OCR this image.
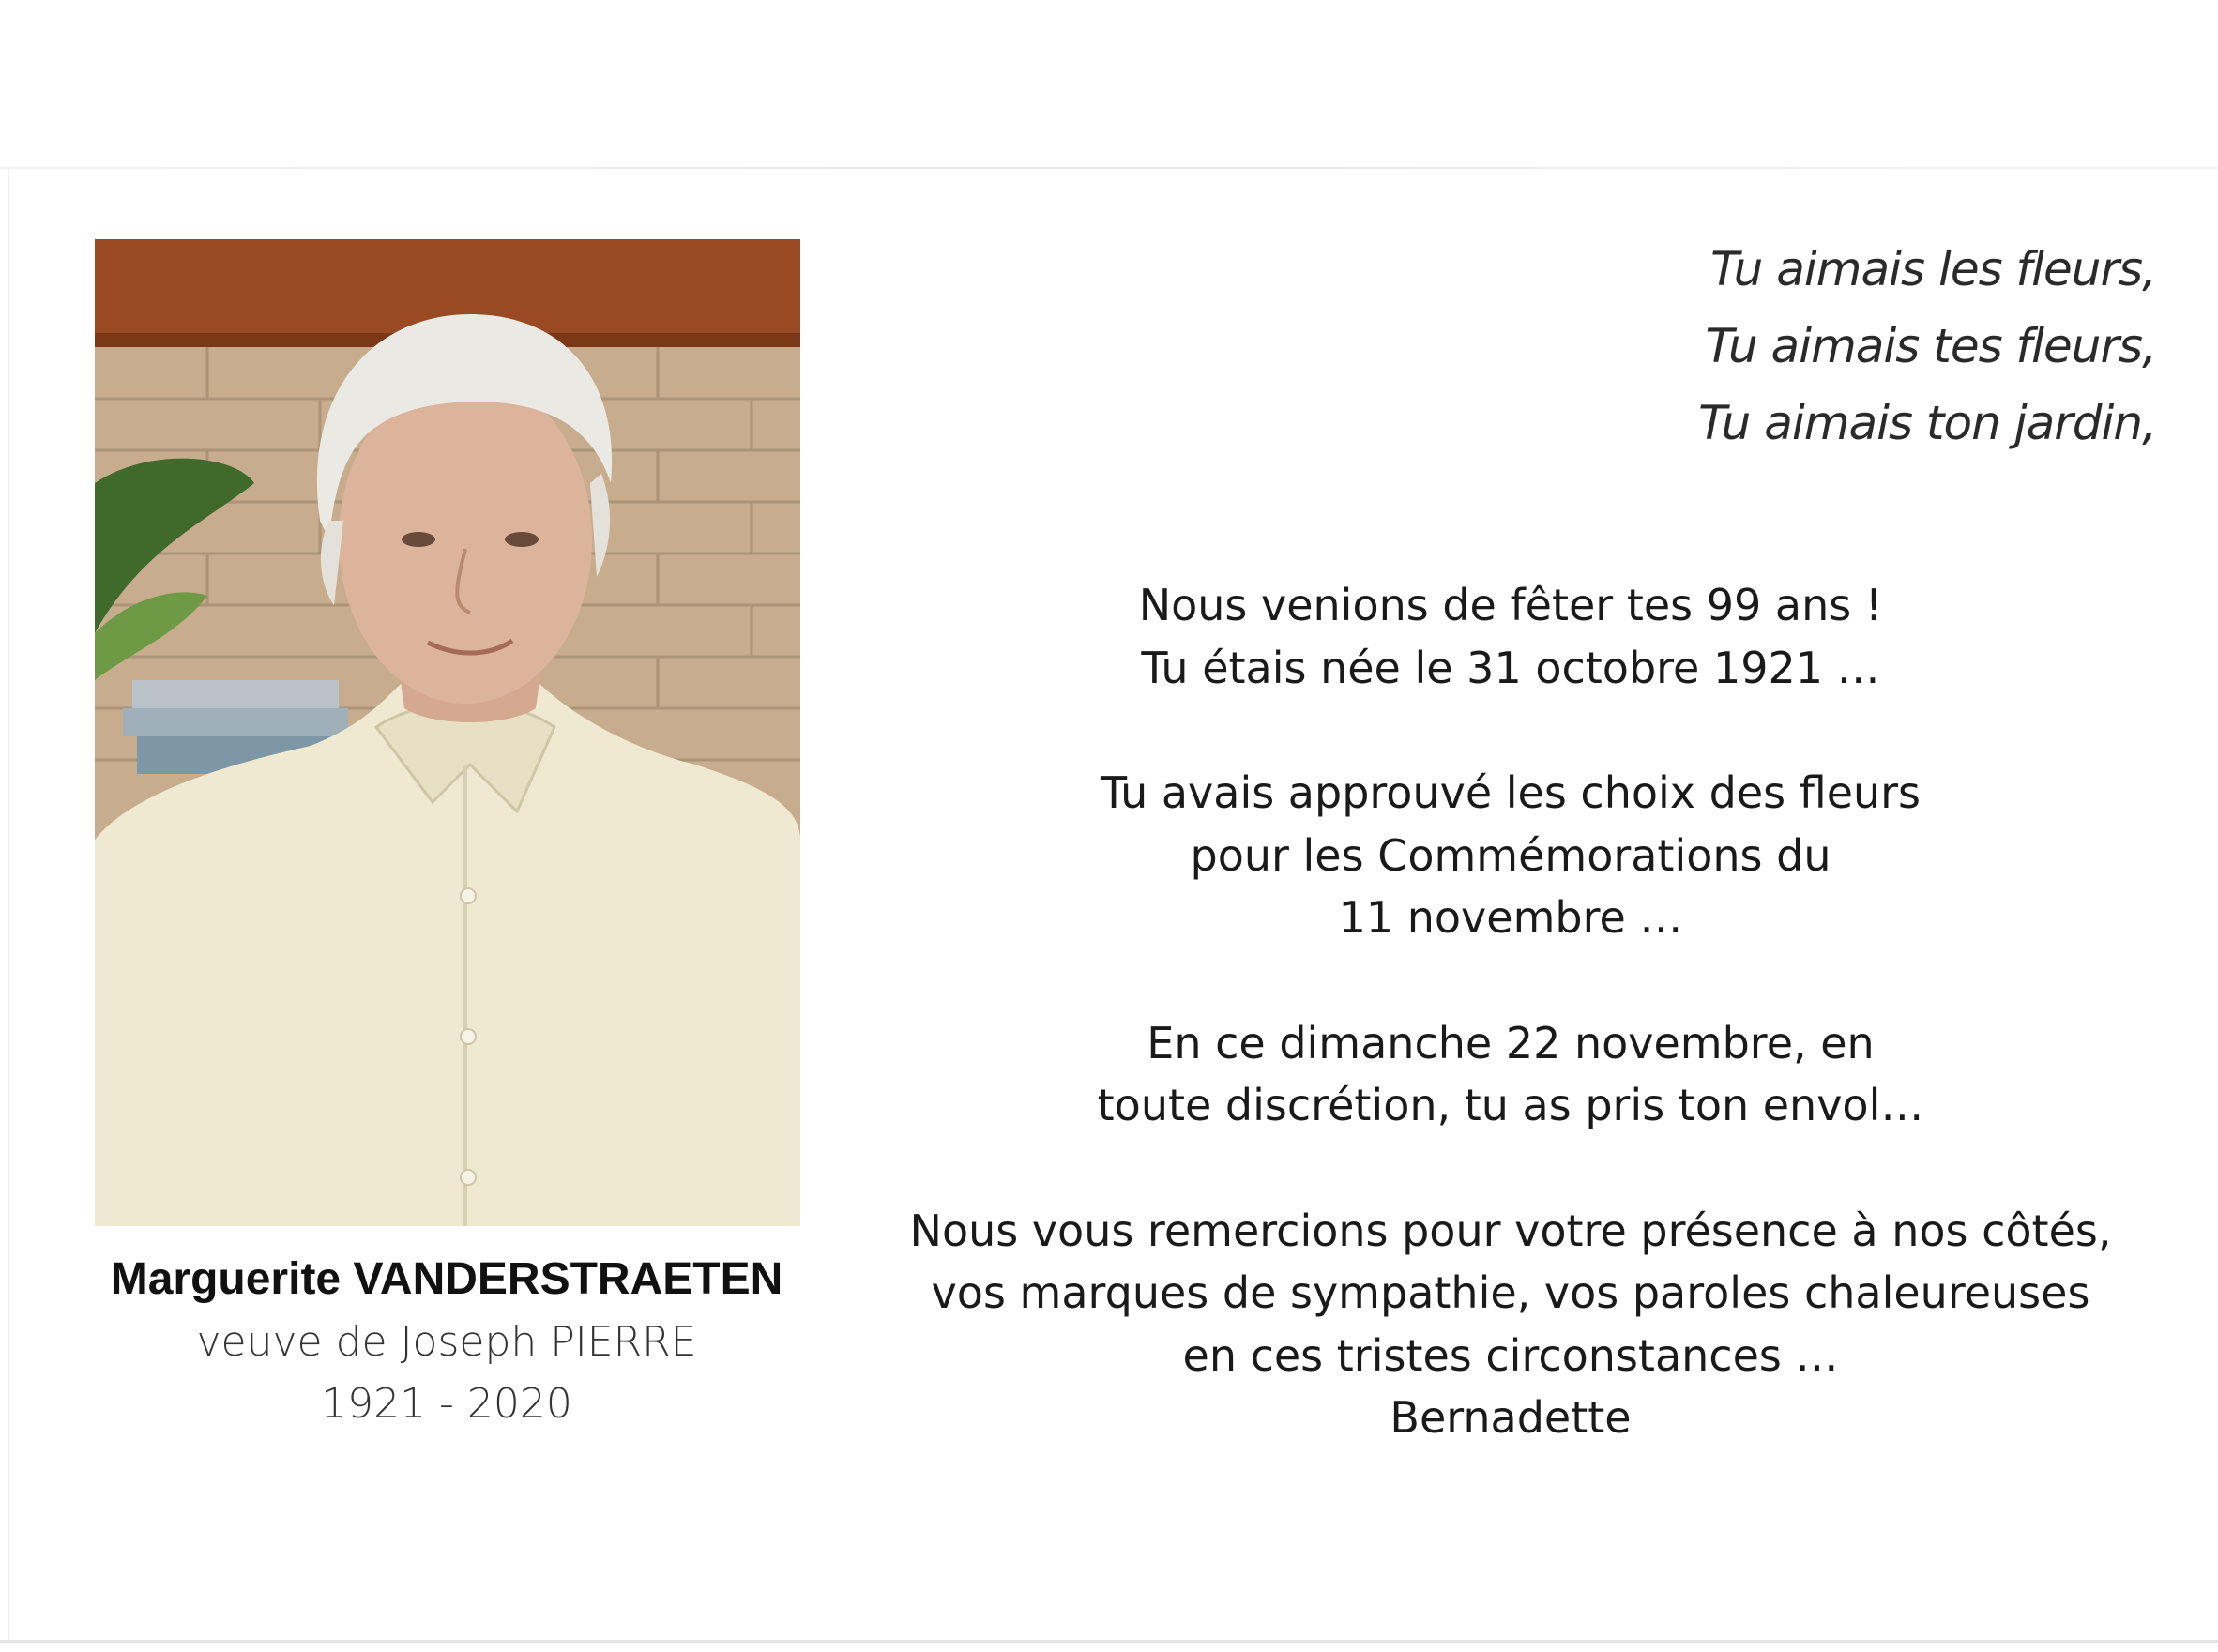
Marguerite VANDERSTRAETEN
veuve de Joseph PIERRE
1921 - 2020
Tu aimais les fleurs,
Tu aimais tes fleurs,
Tu aimais ton jardin,
Nous venions de fêter tes 99 ans !
Tu étais née le 31 octobre 1921 …
Tu avais approuvé les choix des fleurs
pour les Commémorations du
11 novembre …
En ce dimanche 22 novembre, en
toute discrétion, tu as pris ton envol…
Nous vous remercions pour votre présence à nos côtés,
vos marques de sympathie, vos paroles chaleureuses
en ces tristes circonstances …
Bernadette
